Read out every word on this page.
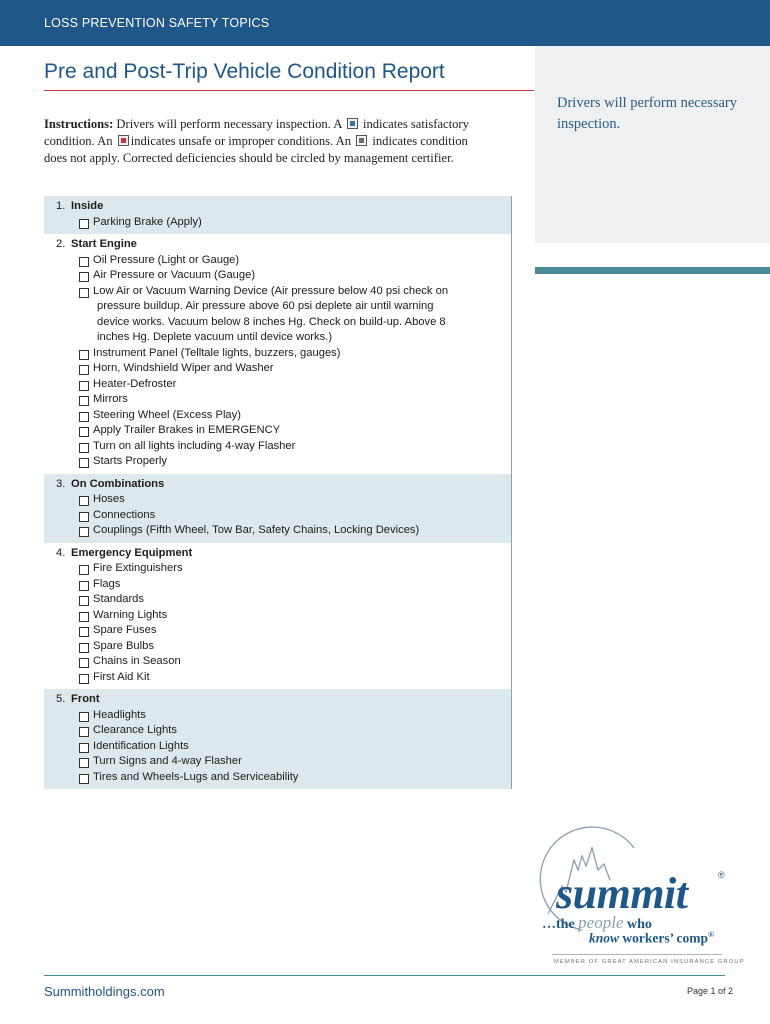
LOSS PREVENTION SAFETY TOPICS
Pre and Post-Trip Vehicle Condition Report
Drivers will perform necessary inspection.
Instructions: Drivers will perform necessary inspection. A  indicates satisfactory condition. An indicates unsafe or improper conditions. An  indicates condition does not apply. Corrected deficiencies should be circled by management certifier.
1. Inside
Parking Brake (Apply)
2. Start Engine
Oil Pressure (Light or Gauge)
Air Pressure or Vacuum (Gauge)
Low Air or Vacuum Warning Device (Air pressure below 40 psi check on
pressure buildup. Air pressure above 60 psi deplete air until warning
device works. Vacuum below 8 inches Hg. Check on build-up. Above 8
inches Hg. Deplete vacuum until device works.)
Instrument Panel (Telltale lights, buzzers, gauges)
Horn, Windshield Wiper and Washer
Heater-Defroster
Mirrors
Steering Wheel (Excess Play)
Apply Trailer Brakes in EMERGENCY
Turn on all lights including 4-way Flasher
Starts Properly
3. On Combinations
Hoses
Connections
Couplings (Fifth Wheel, Tow Bar, Safety Chains, Locking Devices)
4. Emergency Equipment
Fire Extinguishers
Flags
Standards
Warning Lights
Spare Fuses
Spare Bulbs
Chains in Season
First Aid Kit
5. Front
Headlights
Clearance Lights
Identification Lights
Turn Signs and 4-way Flasher
Tires and Wheels-Lugs and Serviceability
summit	®
…the people who
know workers’ comp®
MEMBER OF GREAT AMERICAN INSURANCE GROUP
Summitholdings.com	Page 1 of 2
